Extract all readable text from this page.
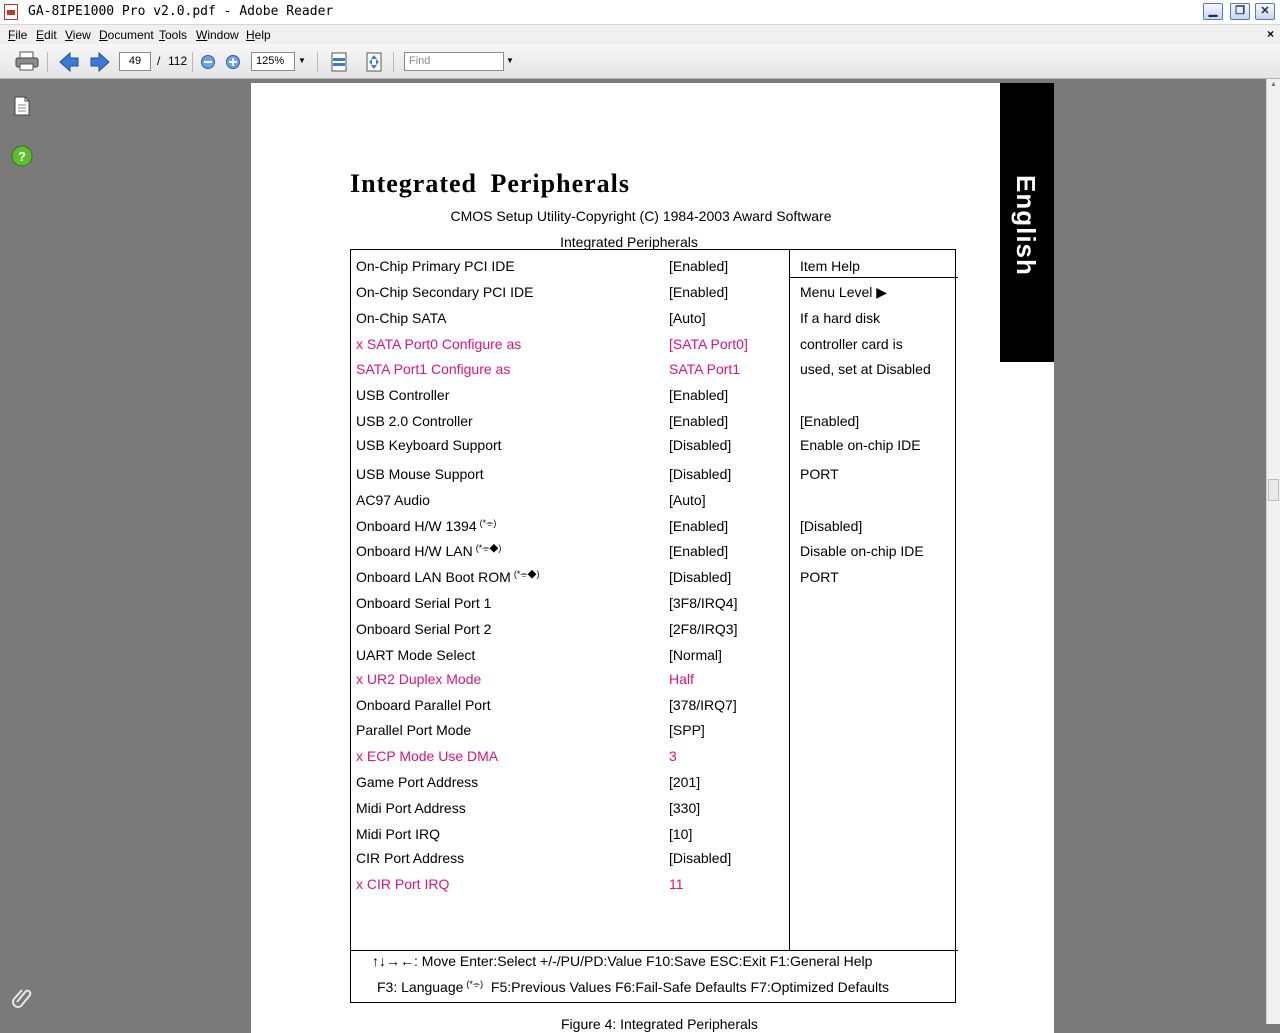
GA-8IPE1000 Pro v2.0.pdf - Adobe Reader	▁	❐	✕
File Edit View Document Tools Window Help	×
49	/ 112	125%	▼	Find	▼
?
▲
English
Integrated Peripherals
CMOS Setup Utility-Copyright (C) 1984-2003 Award Software
Integrated Peripherals
On-Chip Primary PCI IDE	[Enabled]
On-Chip Secondary PCI IDE	[Enabled]
On-Chip SATA	[Auto]
x SATA Port0 Configure as	[SATA Port0]
SATA Port1 Configure as	SATA Port1
USB Controller	[Enabled]
USB 2.0 Controller	[Enabled]
USB Keyboard Support	[Disabled]
USB Mouse Support	[Disabled]
AC97 Audio	[Auto]
Onboard H/W 1394 (*⌯)	[Enabled]
Onboard H/W LAN (*⌯◆)	[Enabled]
Onboard LAN Boot ROM (*⌯◆)	[Disabled]
Onboard Serial Port 1	[3F8/IRQ4]
Onboard Serial Port 2	[2F8/IRQ3]
UART Mode Select	[Normal]
x UR2 Duplex Mode	Half
Onboard Parallel Port	[378/IRQ7]
Parallel Port Mode	[SPP]
x ECP Mode Use DMA	3
Game Port Address	[201]
Midi Port Address	[330]
Midi Port IRQ	[10]
CIR Port Address	[Disabled]
x CIR Port IRQ	11
Item Help
Menu Level ▶
If a hard disk
controller card is
used, set at Disabled
[Enabled]
Enable on-chip IDE
PORT
[Disabled]
Disable on-chip IDE
PORT
↑↓→←: Move Enter:Select +/-/PU/PD:Value F10:Save ESC:Exit F1:General Help
F3: Language (*⌯) F5:Previous Values F6:Fail-Safe Defaults F7:Optimized Defaults
Figure 4: Integrated Peripherals
